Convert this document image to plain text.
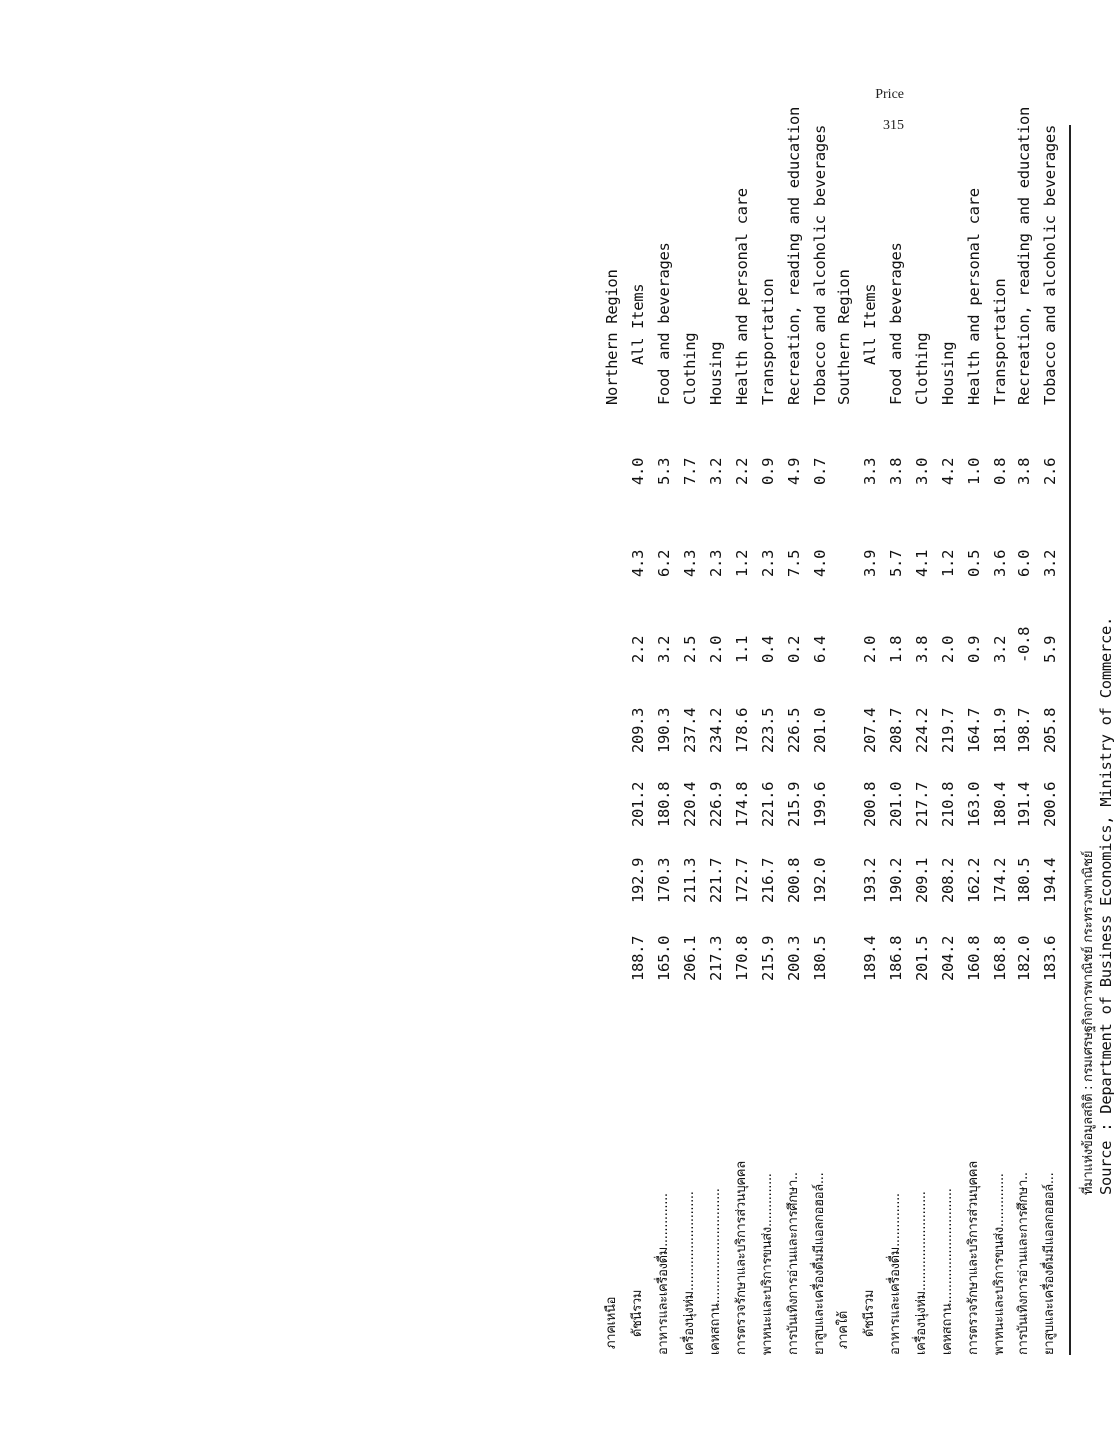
Price
315
ภาคเหนือ
Northern Region
ดัชนีรวม
188.7
192.9
201.2
209.3
2.2
4.3
4.0
All Items
อาหารและเครื่องดื่ม..............
165.0
170.3
180.8
190.3
3.2
6.2
5.3
Food and beverages
เครื่องนุ่งห่ม..........................
206.1
211.3
220.4
237.4
2.5
4.3
7.7
Clothing
เคหสถาน..............................
217.3
221.7
226.9
234.2
2.0
2.3
3.2
Housing
การตรวจรักษาและบริการส่วนบุคคล
170.8
172.7
174.8
178.6
1.1
1.2
2.2
Health and personal care
พาหนะและบริการขนส่ง..............
215.9
216.7
221.6
223.5
0.4
2.3
0.9
Transportation
การบันเทิงการอ่านและการศึกษา..
200.3
200.8
215.9
226.5
0.2
7.5
4.9
Recreation, reading and education
ยาสูบและเครื่องดื่มมีแอลกอฮอล์...
180.5
192.0
199.6
201.0
6.4
4.0
0.7
Tobacco and alcoholic beverages
ภาคใต้
Southern Region
ดัชนีรวม
189.4
193.2
200.8
207.4
2.0
3.9
3.3
All Items
อาหารและเครื่องดื่ม..............
186.8
190.2
201.0
208.7
1.8
5.7
3.8
Food and beverages
เครื่องนุ่งห่ม..........................
201.5
209.1
217.7
224.2
3.8
4.1
3.0
Clothing
เคหสถาน..............................
204.2
208.2
210.8
219.7
2.0
1.2
4.2
Housing
การตรวจรักษาและบริการส่วนบุคคล
160.8
162.2
163.0
164.7
0.9
0.5
1.0
Health and personal care
พาหนะและบริการขนส่ง..............
168.8
174.2
180.4
181.9
3.2
3.6
0.8
Transportation
การบันเทิงการอ่านและการศึกษา..
182.0
180.5
191.4
198.7
-0.8
6.0
3.8
Recreation, reading and education
ยาสูบและเครื่องดื่มมีแอลกอฮอล์...
183.6
194.4
200.6
205.8
5.9
3.2
2.6
Tobacco and alcoholic beverages
ที่มาแห่งข้อมูลสถิติ : กรมเศรษฐกิจการพาณิชย์ กระทรวงพาณิชย์ Source : Department of Business Economics, Ministry of Commerce.
